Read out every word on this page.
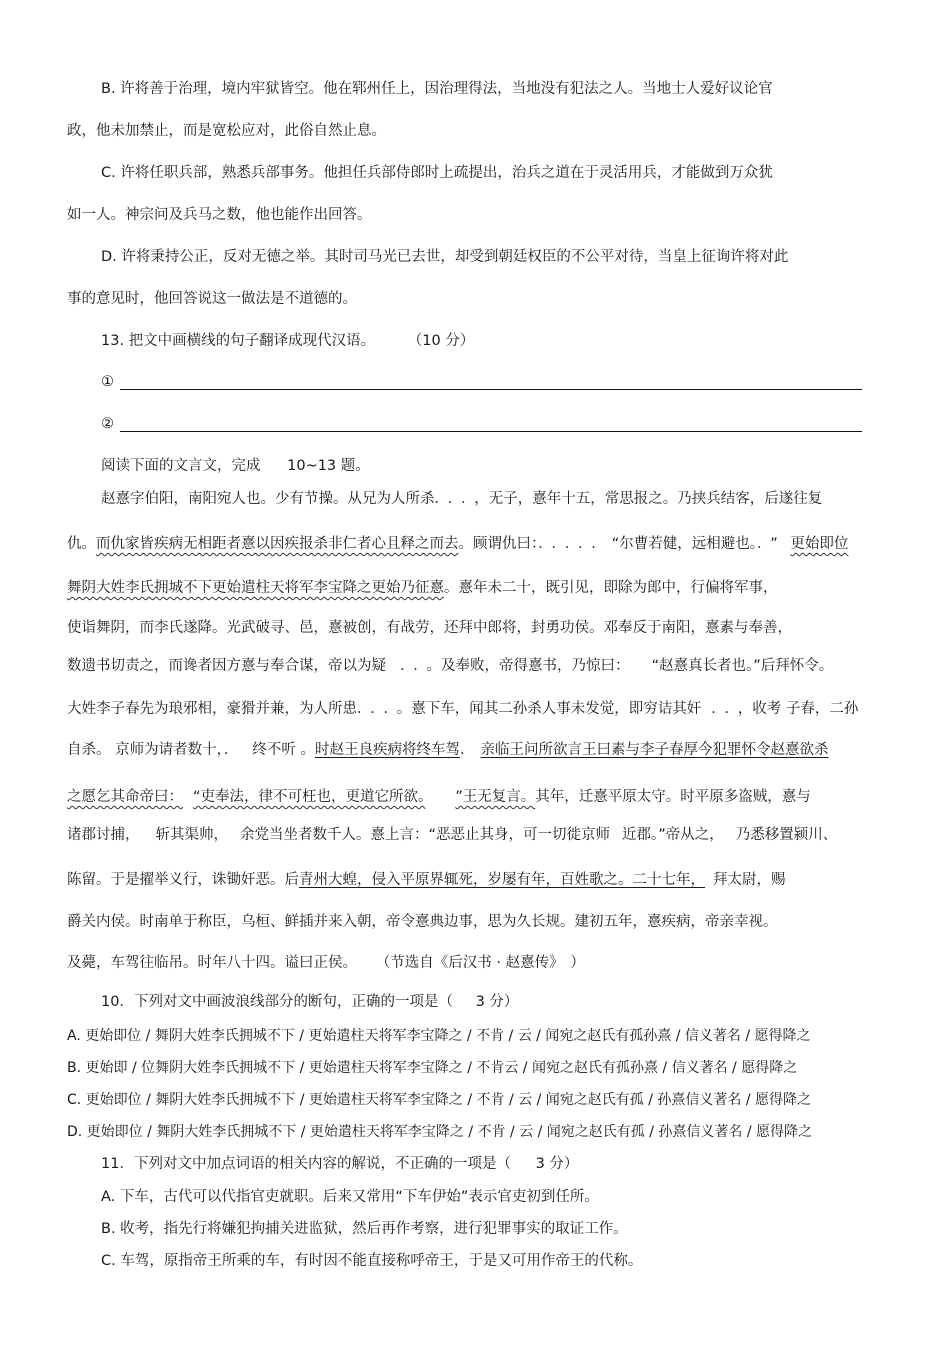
B. 许将善于治理，境内牢狱皆空。他在郓州任上，因治理得法，当地没有犯法之人。当地士人爱好议论官
政，他未加禁止，而是宽松应对，此俗自然止息。
C. 许将任职兵部，熟悉兵部事务。他担任兵部侍郎时上疏提出，治兵之道在于灵活用兵，才能做到万众犹
如一人。神宗问及兵马之数，他也能作出回答。
D. 许将秉持公正，反对无德之举。其时司马光已去世，却受到朝廷权臣的不公平对待，当皇上征询许将对此
事的意见时，他回答说这一做法是不道德的。
13. 把文中画横线的句子翻译成现代汉语。 （10 分）
①
②
阅读下面的文言文，完成 10~13 题。
赵憙字伯阳，南阳宛人也。少有节操。从兄为人所杀．．．，无子，憙年十五，常思报之。乃挟兵结客，后遂往复
仇。而仇家皆疾病无相距者憙以因疾报杀非仁者心且释之而去。顾谓仇曰：．．．．．“尔曹若健，远相避也。．” 更始即位
舞阴大姓李氏拥城不下更始遣柱天将军李宝降之更始乃征憙。憙年未二十，既引见，即除为郎中，行偏将军事，
使诣舞阴，而李氏遂降。光武破寻、邑，憙被创，有战劳，还拜中郎将，封勇功侯。邓奉反于南阳，憙素与奉善，
数遗书切责之，而谗者因方憙与奉合谋，帝以为疑 ．．。及奉败，帝得憙书，乃惊曰： “赵憙真长者也。”后拜怀令。
大姓李子春先为琅邪相，豪猾并兼，为人所患．．．。憙下车，闻其二孙杀人事未发觉，即穷诘其奸 ．．，收考 子春，二孙
自杀。 京师为请者数十，． 终不听 。时赵王良疾病将终车驾．亲临王问所欲言王曰素与李子春厚今犯罪怀令赵憙欲杀
之愿乞其命帝曰： “吏奉法，律不可枉也，更道它所欲。 ”王无复言。其年，迁憙平原太守。时平原多盗贼，憙与
诸郡讨捕， 斩其渠帅， 余党当坐者数千人。憙上言：“恶恶止其身，可一切徙京师 近郡。”帝从之， 乃悉移置颍川、
陈留。于是擢举义行，诛锄奸恶。后青州大蝗，侵入平原界辄死，岁屡有年，百姓歌之。二十七年， 拜太尉，赐
爵关内侯。时南单于称臣，乌桓、鲜插并来入朝，帝令憙典边事，思为久长规。建初五年，憙疾病，帝亲幸视。
及薨，车驾往临吊。时年八十四。谥曰正侯。 （节选自《后汉书 · 赵憙传》 ）
10．下列对文中画波浪线部分的断句，正确的一项是（ 3 分）
A. 更始即位 / 舞阴大姓李氏拥城不下 / 更始遣柱天将军李宝降之 / 不肯 / 云 / 闻宛之赵氏有孤孙熹 / 信义著名 / 愿得降之
B. 更始即 / 位舞阴大姓李氏拥城不下 / 更始遣柱天将军李宝降之 / 不肯云 / 闻宛之赵氏有孤孙熹 / 信义著名 / 愿得降之
C. 更始即位 / 舞阴大姓李氏拥城不下 / 更始遣柱天将军李宝降之 / 不肯 / 云 / 闻宛之赵氏有孤 / 孙熹信义著名 / 愿得降之
D. 更始即位 / 舞阴大姓李氏拥城不下 / 更始遣柱天将军李宝降之 / 不肯 / 云 / 闻宛之赵氏有孤 / 孙熹信义著名 / 愿得降之
11．下列对文中加点词语的相关内容的解说，不正确的一项是（ 3 分）
A. 下车，古代可以代指官吏就职。后来又常用“下车伊始”表示官吏初到任所。
B. 收考，指先行将嫌犯拘捕关进监狱，然后再作考察，进行犯罪事实的取证工作。
C. 车驾，原指帝王所乘的车，有时因不能直接称呼帝王，于是又可用作帝王的代称。
